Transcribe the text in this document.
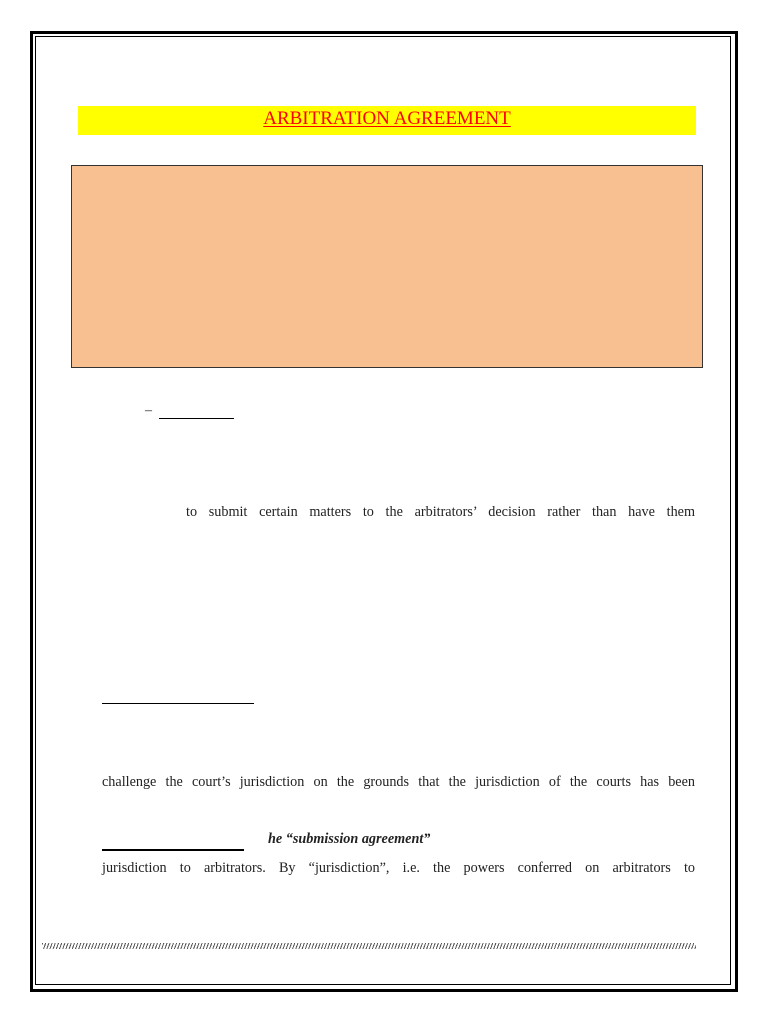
ARBITRATION AGREEMENT
–
to submit certain matters to the arbitrators’ decision rather than have them
challenge the court’s jurisdiction on the grounds that the jurisdiction of the courts has been
he “submission agreement”
jurisdiction to arbitrators. By “jurisdiction”, i.e. the powers conferred on arbitrators to
